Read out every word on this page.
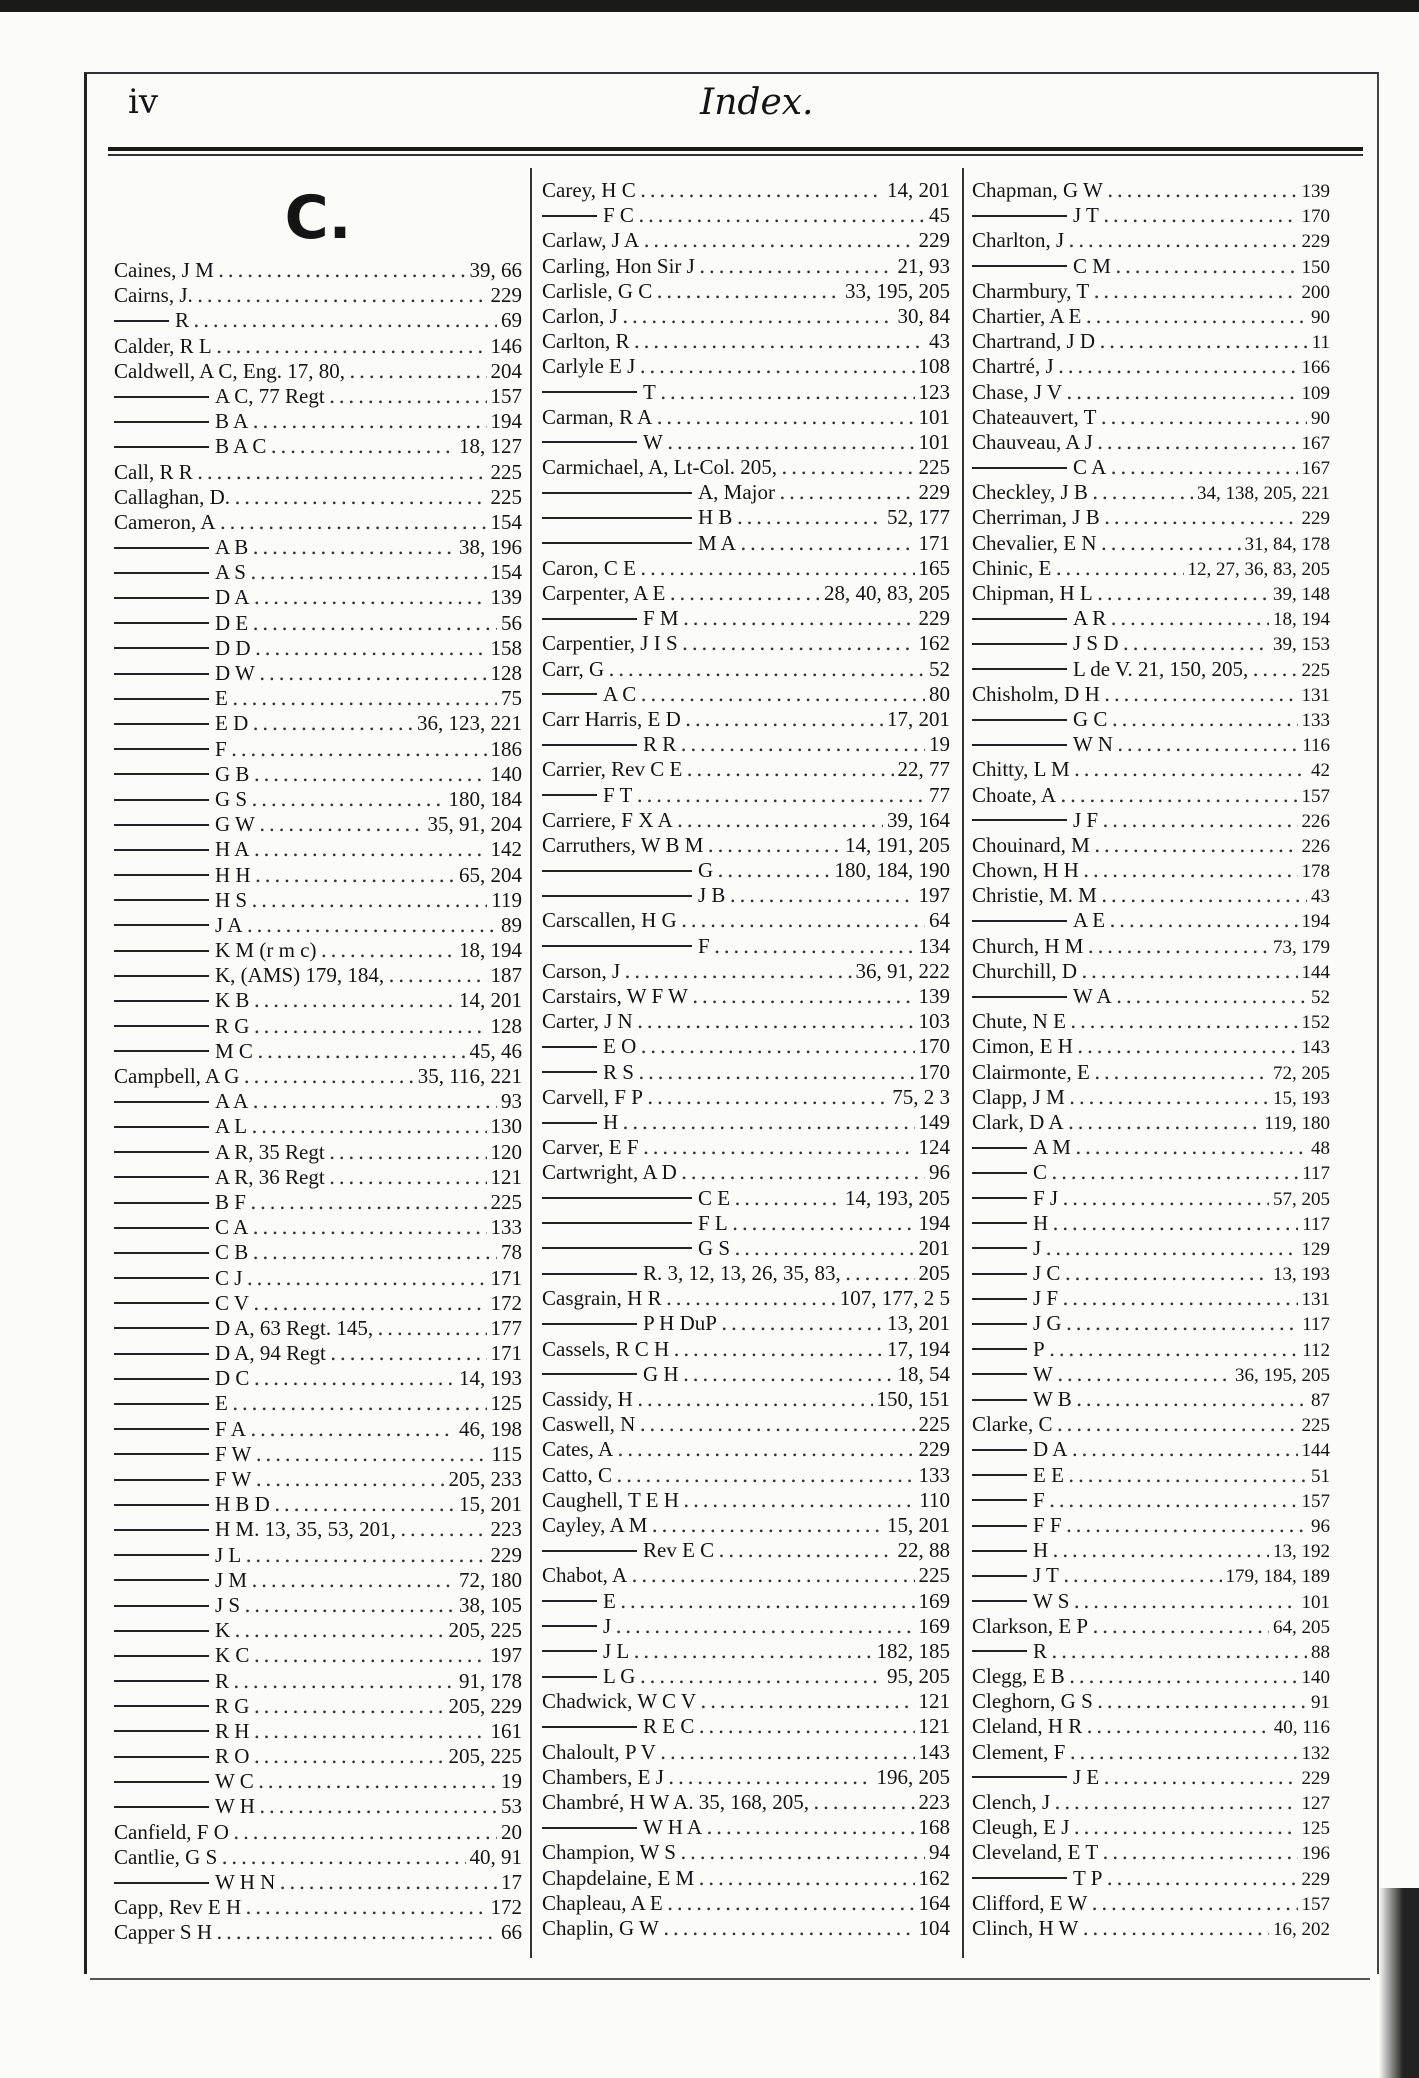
iv	Index.
C.
Caines, J M .....	39, 66
Cairns, J. .....	229
R .....	69
Calder, R L .....	146
Caldwell, A C, Eng. 17, 80, .....	204
A C, 77 Regt .....	157
B A .....	194
B A C .....	18, 127
Call, R R .....	225
Callaghan, D. .....	225
Cameron, A .....	154
A B .....	38, 196
A S .....	154
D A .....	139
D E .....	56
D D .....	158
D W .....	128
E .....	75
E D .....	36, 123, 221
F .....	186
G B .....	140
G S .....	180, 184
G W .....	35, 91, 204
H A .....	142
H H .....	65, 204
H S .....	119
J A .....	89
K M (r m c) .....	18, 194
K, (AMS) 179, 184, .....	187
K B .....	14, 201
R G .....	128
M C .....	45, 46
Campbell, A G .....	35, 116, 221
A A .....	93
A L .....	130
A R, 35 Regt .....	120
A R, 36 Regt .....	121
B F .....	225
C A .....	133
C B .....	78
C J .....	171
C V .....	172
D A, 63 Regt. 145, .....	177
D A, 94 Regt .....	171
D C .....	14, 193
E .....	125
F A .....	46, 198
F W .....	115
F W .....	205, 233
H B D .....	15, 201
H M. 13, 35, 53, 201, .....	223
J L .....	229
J M .....	72, 180
J S .....	38, 105
K .....	205, 225
K C .....	197
R .....	91, 178
R G .....	205, 229
R H .....	161
R O .....	205, 225
W C .....	19
W H .....	53
Canfield, F O .....	20
Cantlie, G S .....	40, 91
W H N .....	17
Capp, Rev E H .....	172
Capper S H .....	66
Carey, H C .....	14, 201
F C .....	45
Carlaw, J A .....	229
Carling, Hon Sir J .....	21, 93
Carlisle, G C .....	33, 195, 205
Carlon, J .....	30, 84
Carlton, R .....	43
Carlyle E J .....	108
T .....	123
Carman, R A .....	101
W .....	101
Carmichael, A, Lt-Col. 205, .....	225
A, Major .....	229
H B .....	52, 177
M A .....	171
Caron, C E .....	165
Carpenter, A E .....	28, 40, 83, 205
F M .....	229
Carpentier, J I S .....	162
Carr, G .....	52
A C .....	80
Carr Harris, E D .....	17, 201
R R .....	19
Carrier, Rev C E .....	22, 77
F T .....	77
Carriere, F X A .....	39, 164
Carruthers, W B M .....	14, 191, 205
G .....	180, 184, 190
J B .....	197
Carscallen, H G .....	64
F .....	134
Carson, J .....	36, 91, 222
Carstairs, W F W .....	139
Carter, J N .....	103
E O .....	170
R S .....	170
Carvell, F P .....	75, 2 3
H .....	149
Carver, E F .....	124
Cartwright, A D .....	96
C E .....	14, 193, 205
F L .....	194
G S .....	201
R. 3, 12, 13, 26, 35, 83, .....	205
Casgrain, H R .....	107, 177, 2 5
P H DuP .....	13, 201
Cassels, R C H .....	17, 194
G H .....	18, 54
Cassidy, H .....	150, 151
Caswell, N .....	225
Cates, A .....	229
Catto, C .....	133
Caughell, T E H .....	110
Cayley, A M .....	15, 201
Rev E C .....	22, 88
Chabot, A .....	225
E .....	169
J .....	169
J L .....	182, 185
L G .....	95, 205
Chadwick, W C V .....	121
R E C .....	121
Chaloult, P V .....	143
Chambers, E J .....	196, 205
Chambré, H W A. 35, 168, 205, .....	223
W H A .....	168
Champion, W S .....	94
Chapdelaine, E M .....	162
Chapleau, A E .....	164
Chaplin, G W .....	104
Chapman, G W .....	139
J T .....	170
Charlton, J .....	229
C M .....	150
Charmbury, T .....	200
Chartier, A E .....	90
Chartrand, J D .....	11
Chartré, J .....	166
Chase, J V .....	109
Chateauvert, T .....	90
Chauveau, A J .....	167
C A .....	167
Checkley, J B .....	34, 138, 205, 221
Cherriman, J B .....	229
Chevalier, E N .....	31, 84, 178
Chinic, E .....	12, 27, 36, 83, 205
Chipman, H L .....	39, 148
A R .....	18, 194
J S D .....	39, 153
L de V. 21, 150, 205, .....	225
Chisholm, D H .....	131
G C .....	133
W N .....	116
Chitty, L M .....	42
Choate, A .....	157
J F .....	226
Chouinard, M .....	226
Chown, H H .....	178
Christie, M. M .....	43
A E .....	194
Church, H M .....	73, 179
Churchill, D .....	144
W A .....	52
Chute, N E .....	152
Cimon, E H .....	143
Clairmonte, E .....	72, 205
Clapp, J M .....	15, 193
Clark, D A .....	119, 180
A M .....	48
C .....	117
F J .....	57, 205
H .....	117
J .....	129
J C .....	13, 193
J F .....	131
J G .....	117
P .....	112
W .....	36, 195, 205
W B .....	87
Clarke, C .....	225
D A .....	144
E E .....	51
F .....	157
F F .....	96
H .....	13, 192
J T .....	179, 184, 189
W S .....	101
Clarkson, E P .....	64, 205
R .....	88
Clegg, E B .....	140
Cleghorn, G S .....	91
Cleland, H R .....	40, 116
Clement, F .....	132
J E .....	229
Clench, J .....	127
Cleugh, E J .....	125
Cleveland, E T .....	196
T P .....	229
Clifford, E W .....	157
Clinch, H W .....	16, 202
